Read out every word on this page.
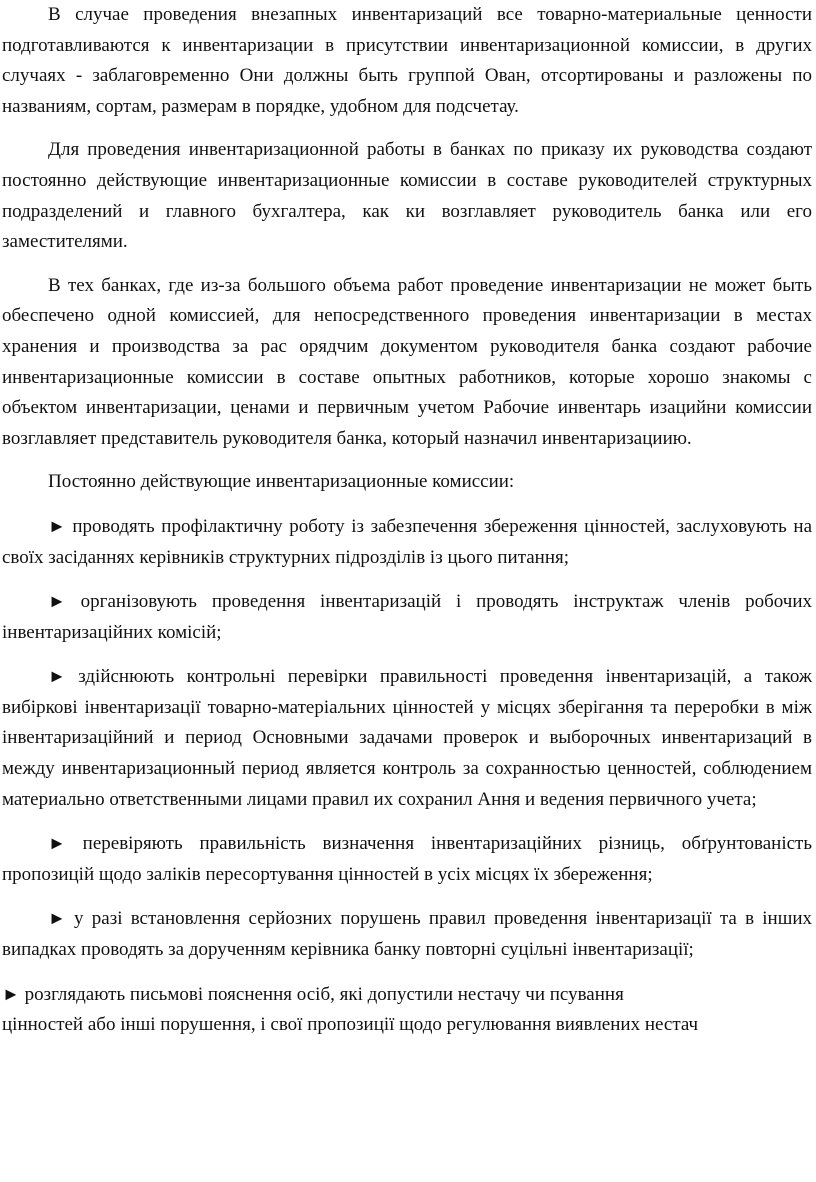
В случае проведения внезапных инвентаризаций все товарно-материальные ценности подготавливаются к инвентаризации в присутствии инвентаризационной комиссии, в других случаях - заблаговременно Они должны быть группой Ован, отсортированы и разложены по названиям, сортам, размерам в порядке, удобном для подсчетау.

Для проведения инвентаризационной работы в банках по приказу их руководства создают постоянно действующие инвентаризационные комиссии в составе руководителей структурных подразделений и главного бухгалтера, как ки возглавляет руководитель банка или его заместителями.

В тех банках, где из-за большого объема работ проведение инвентаризации не может быть обеспечено одной комиссией, для непосредственного проведения инвентаризации в местах хранения и производства за рас орядчим документом руководителя банка создают рабочие инвентаризационные комиссии в составе опытных работников, которые хорошо знакомы с объектом инвентаризации, ценами и первичным учетом Рабочие инвентарь изацийни комиссии возглавляет представитель руководителя банка, который назначил инвентаризациию.

Постоянно действующие инвентаризационные комиссии:

► проводять профілактичну роботу із забезпечення збереження цінностей, заслуховують на своїх засіданнях керівників структурних підрозділів із цього питання;

► організовують проведення інвентаризацій і проводять інструктаж членів робочих інвентаризаційних комісій;

► здійснюють контрольні перевірки правильності проведення інвентаризацій, а також вибіркові інвентаризації товарно-матеріальних цінностей у місцях зберігання та переробки в між інвентаризаційний и период Основными задачами проверок и выборочных инвентаризаций в между инвентаризационный период является контроль за сохранностью ценностей, соблюдением материально ответственными лицами правил их сохранил Ання и ведения первичного учета;

► перевіряють правильність визначення інвентаризаційних різниць, обґрунтованість пропозицій щодо заліків пересортування цінностей в усіх місцях їх збереження;

► у разі встановлення серйозних порушень правил проведення інвентаризації та в інших випадках проводять за дорученням керівника банку повторні суцільні інвентаризації;

► розглядають письмові пояснення осіб, які допустили нестачу чи псування
цінностей або інші порушення, і свої пропозиції щодо регулювання виявлених нестач
